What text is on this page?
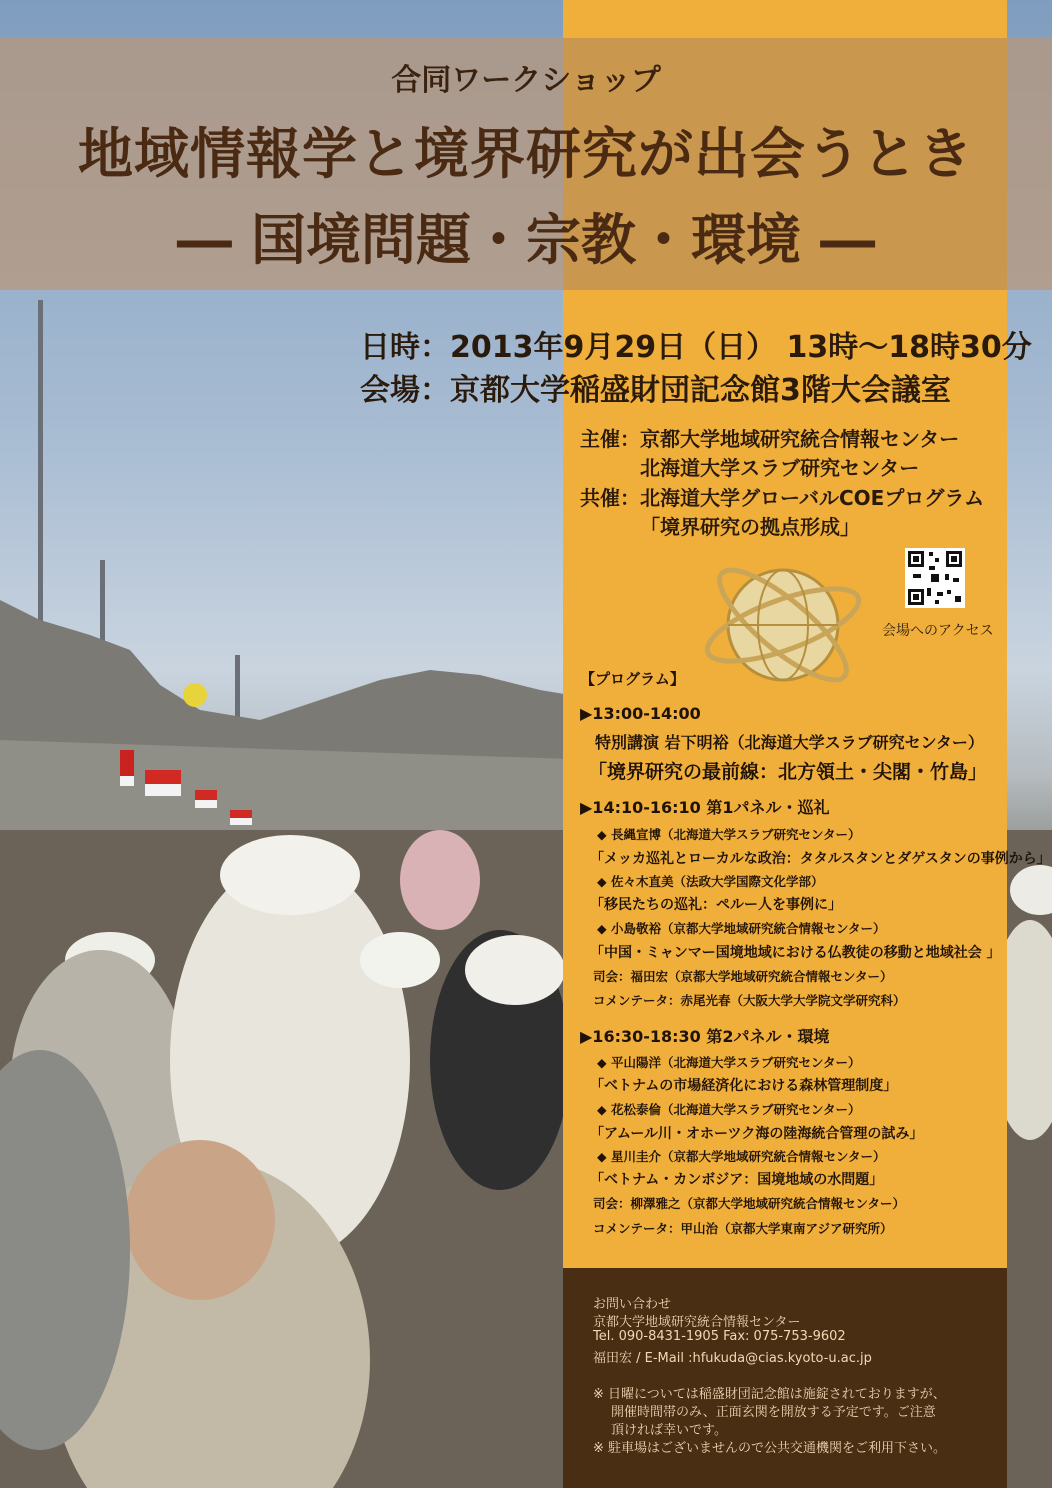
合同ワークショップ
地域情報学と境界研究が出会うとき
― 国境問題・宗教・環境 ―
日時：2013年9月29日（日） 13時～18時30分
会場：京都大学稲盛財団記念館3階大会議室
主催： 京都大学地域研究統合情報センター
北海道大学スラブ研究センター
共催： 北海道大学グローバルCOEプログラム
「境界研究の拠点形成」
会場へのアクセス
【プログラム】
▶13:00-14:00
特別講演 岩下明裕（北海道大学スラブ研究センター）
「境界研究の最前線：北方領土・尖閣・竹島」
▶14:10-16:10 第1パネル・巡礼
◆ 長縄宣博（北海道大学スラブ研究センター）
「メッカ巡礼とローカルな政治：タタルスタンとダゲスタンの事例から」
◆ 佐々木直美（法政大学国際文化学部）
「移民たちの巡礼：ペルー人を事例に」
◆ 小島敬裕（京都大学地域研究統合情報センター）
「中国・ミャンマー国境地域における仏教徒の移動と地域社会 」
司会：福田宏（京都大学地域研究統合情報センター）
コメンテータ：赤尾光春（大阪大学大学院文学研究科）
▶16:30-18:30 第2パネル・環境
◆ 平山陽洋（北海道大学スラブ研究センター）
「ベトナムの市場経済化における森林管理制度」
◆ 花松泰倫（北海道大学スラブ研究センター）
「アムール川・オホーツク海の陸海統合管理の試み」
◆ 星川圭介（京都大学地域研究統合情報センター）
「ベトナム・カンボジア：国境地域の水問題」
司会：柳澤雅之（京都大学地域研究統合情報センター）
コメンテータ：甲山治（京都大学東南アジア研究所）
お問い合わせ
京都大学地域研究統合情報センター
Tel. 090-8431-1905 Fax: 075-753-9602
福田宏 / E-Mail :hfukuda@cias.kyoto-u.ac.jp
※ 日曜については稲盛財団記念館は施錠されておりますが、
開催時間帯のみ、正面玄関を開放する予定です。ご注意
頂ければ幸いです。
※ 駐車場はございませんので公共交通機関をご利用下さい。
